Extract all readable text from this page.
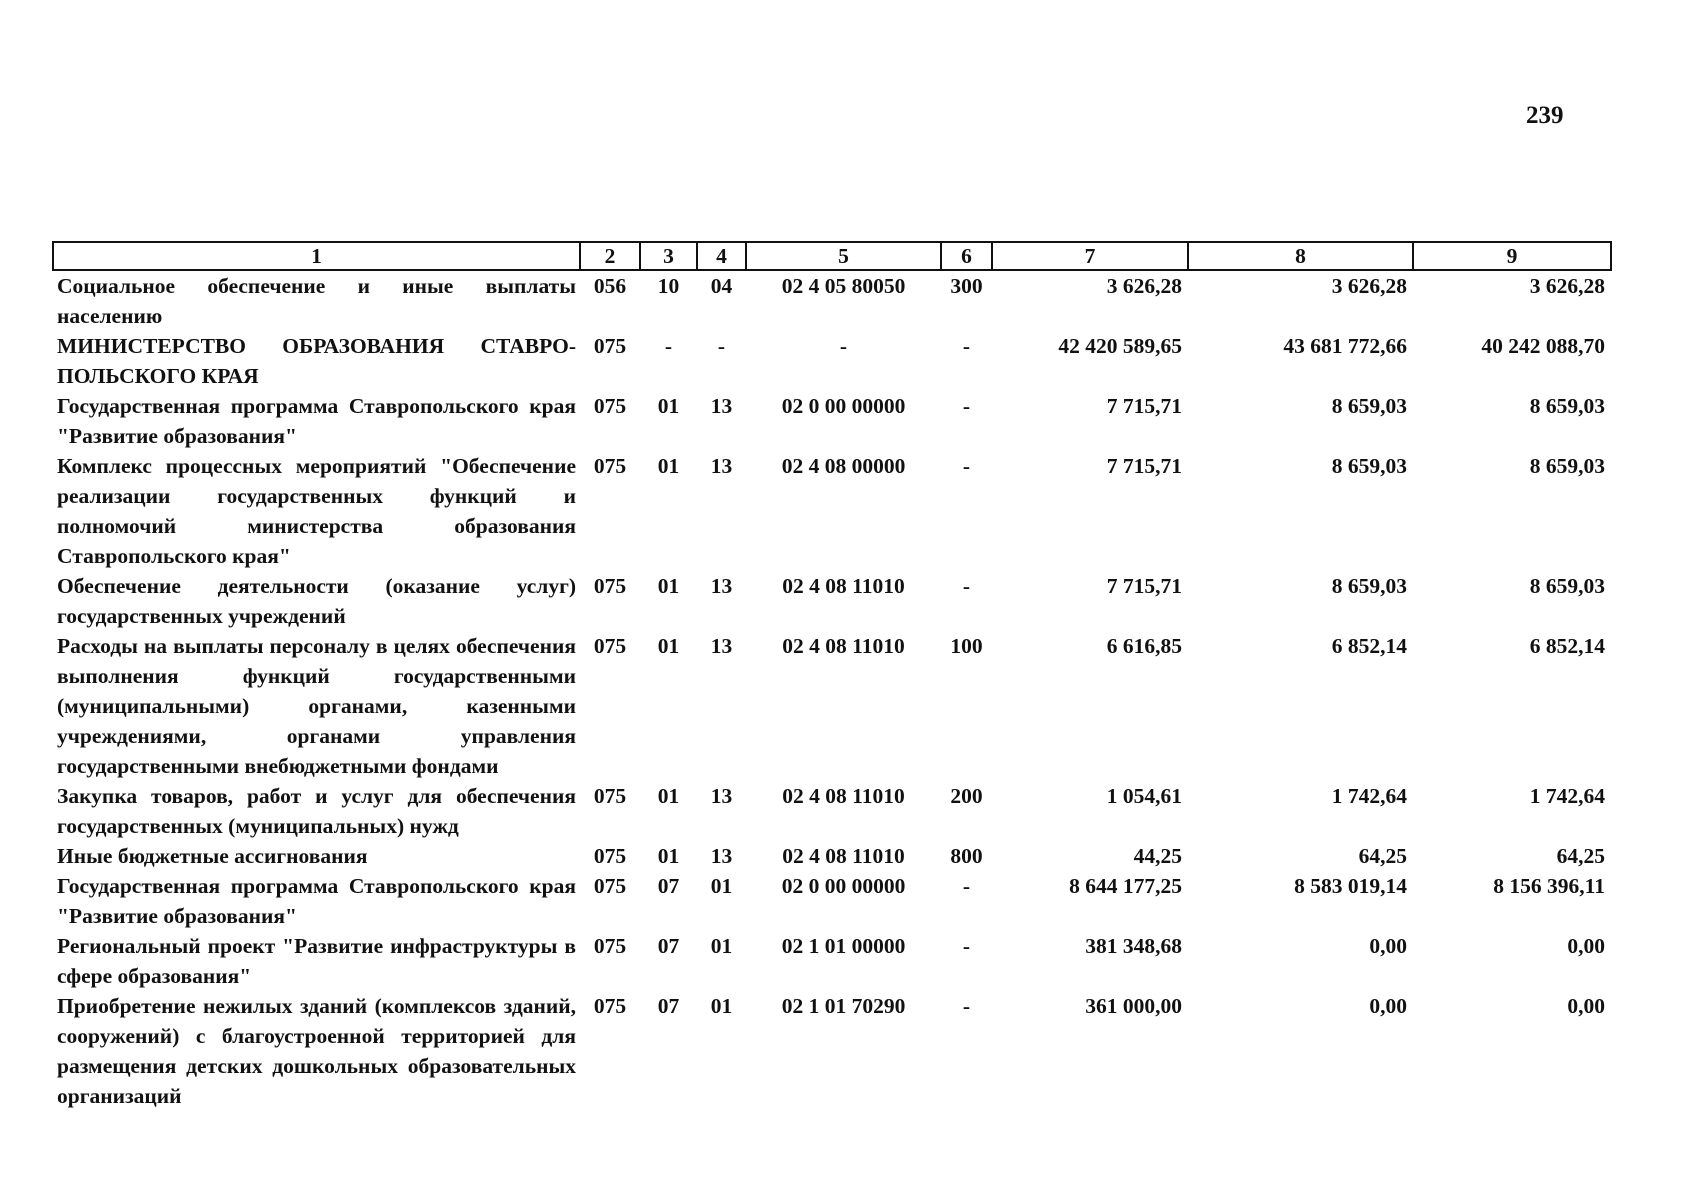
239
1	2	3	4	5	6	7	8	9
Социальное обеспечение и иные выплаты населению	056	10	04	02 4 05 80050	300	3 626,28	3 626,28	3 626,28
МИНИСТЕРСТВО ОБРАЗОВАНИЯ СТАВРО-ПОЛЬСКОГО КРАЯ	075	-	-	-	-	42 420 589,65	43 681 772,66	40 242 088,70
Государственная программа Ставропольского края "Развитие образования"	075	01	13	02 0 00 00000	-	7 715,71	8 659,03	8 659,03
Комплекс процессных мероприятий "Обеспечение реализации государственных функций и полномочий министерства образования Ставропольского края"	075	01	13	02 4 08 00000	-	7 715,71	8 659,03	8 659,03
Обеспечение деятельности (оказание услуг) государственных учреждений	075	01	13	02 4 08 11010	-	7 715,71	8 659,03	8 659,03
Расходы на выплаты персоналу в целях обеспечения выполнения функций государственными (муниципальными) органами, казенными учреждениями, органами управления государственными внебюджетными фондами	075	01	13	02 4 08 11010	100	6 616,85	6 852,14	6 852,14
Закупка товаров, работ и услуг для обеспечения государственных (муниципальных) нужд	075	01	13	02 4 08 11010	200	1 054,61	1 742,64	1 742,64
Иные бюджетные ассигнования	075	01	13	02 4 08 11010	800	44,25	64,25	64,25
Государственная программа Ставропольского края "Развитие образования"	075	07	01	02 0 00 00000	-	8 644 177,25	8 583 019,14	8 156 396,11
Региональный проект "Развитие инфраструктуры в сфере образования"	075	07	01	02 1 01 00000	-	381 348,68	0,00	0,00
Приобретение нежилых зданий (комплексов зданий, сооружений) с благоустроенной территорией для размещения детских дошкольных образовательных организаций	075	07	01	02 1 01 70290	-	361 000,00	0,00	0,00
